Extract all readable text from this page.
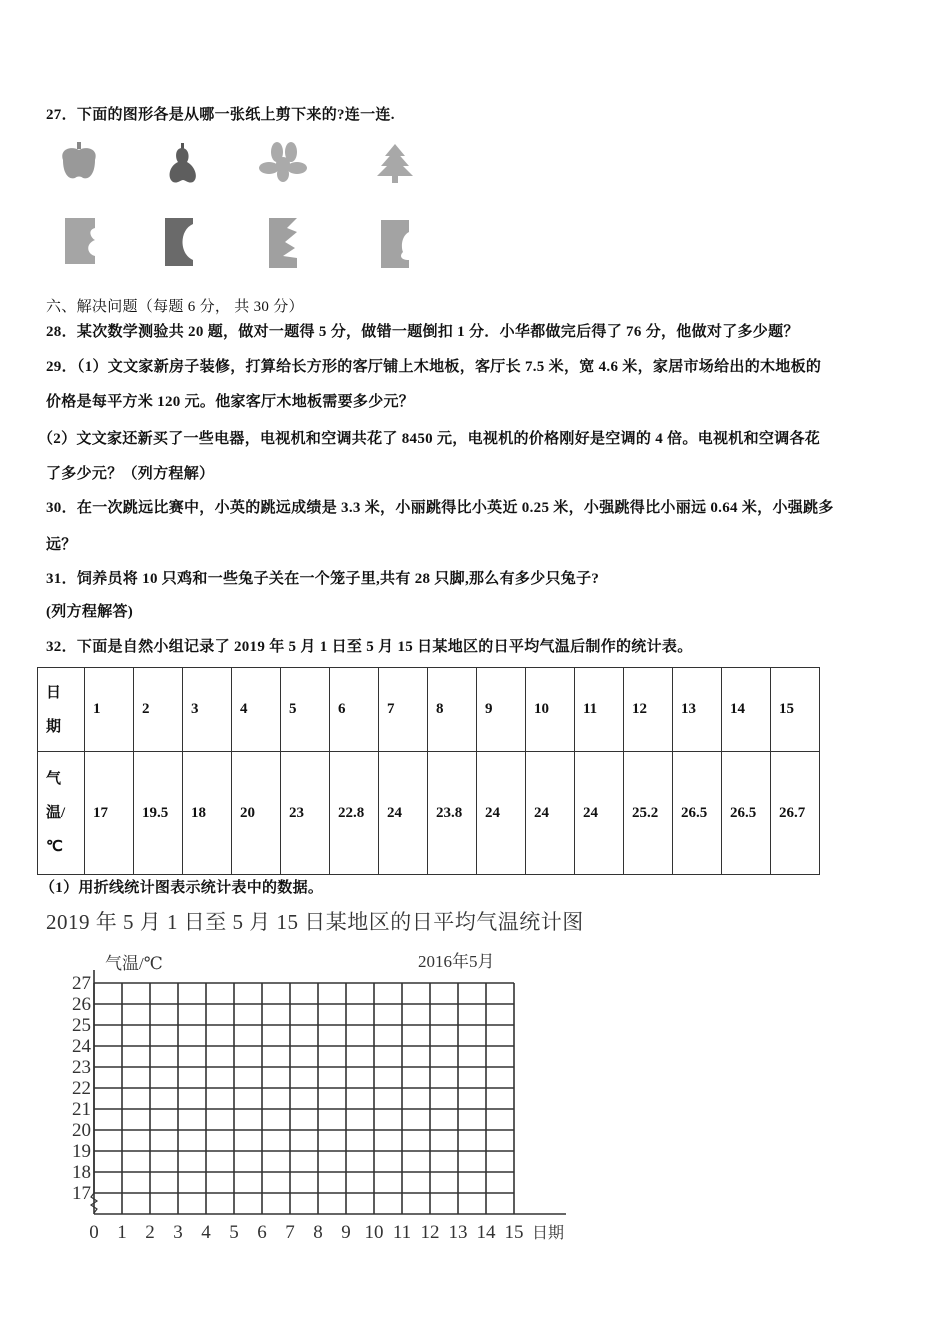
27．下面的图形各是从哪一张纸上剪下来的?连一连.
六、解决问题（每题 6 分， 共 30 分）
28．某次数学测验共 20 题，做对一题得 5 分，做错一题倒扣 1 分．小华都做完后得了 76 分，他做对了多少题？
29．（1）文文家新房子装修，打算给长方形的客厅铺上木地板，客厅长 7.5 米，宽 4.6 米，家居市场给出的木地板的
价格是每平方米 120 元。他家客厅木地板需要多少元？
（2）文文家还新买了一些电器，电视机和空调共花了 8450 元，电视机的价格刚好是空调的 4 倍。电视机和空调各花
了多少元？（列方程解）
30．在一次跳远比赛中，小英的跳远成绩是 3.3 米，小丽跳得比小英近 0.25 米，小强跳得比小丽远 0.64 米，小强跳多
远？
31．饲养员将 10 只鸡和一些兔子关在一个笼子里,共有 28 只脚,那么有多少只兔子?
(列方程解答)
32．下面是自然小组记录了 2019 年 5 月 1 日至 5 月 15 日某地区的日平均气温后制作的统计表。
日
期	1	2	3	4	5	6	7	8	9	10	11	12	13	14	15
气
温/
℃	17	19.5	18	20	23	22.8	24	23.8	24	24	24	25.2	26.5	26.5	26.7
（1）用折线统计图表示统计表中的数据。
2019 年 5 月 1 日至 5 月 15 日某地区的日平均气温统计图
气温/℃	2016年5月
日期
0 1 2 3 4 5 6 7 8 9 10 11 12 13 14 15
17
18
19
20
21
22
23
24
25
26
27
